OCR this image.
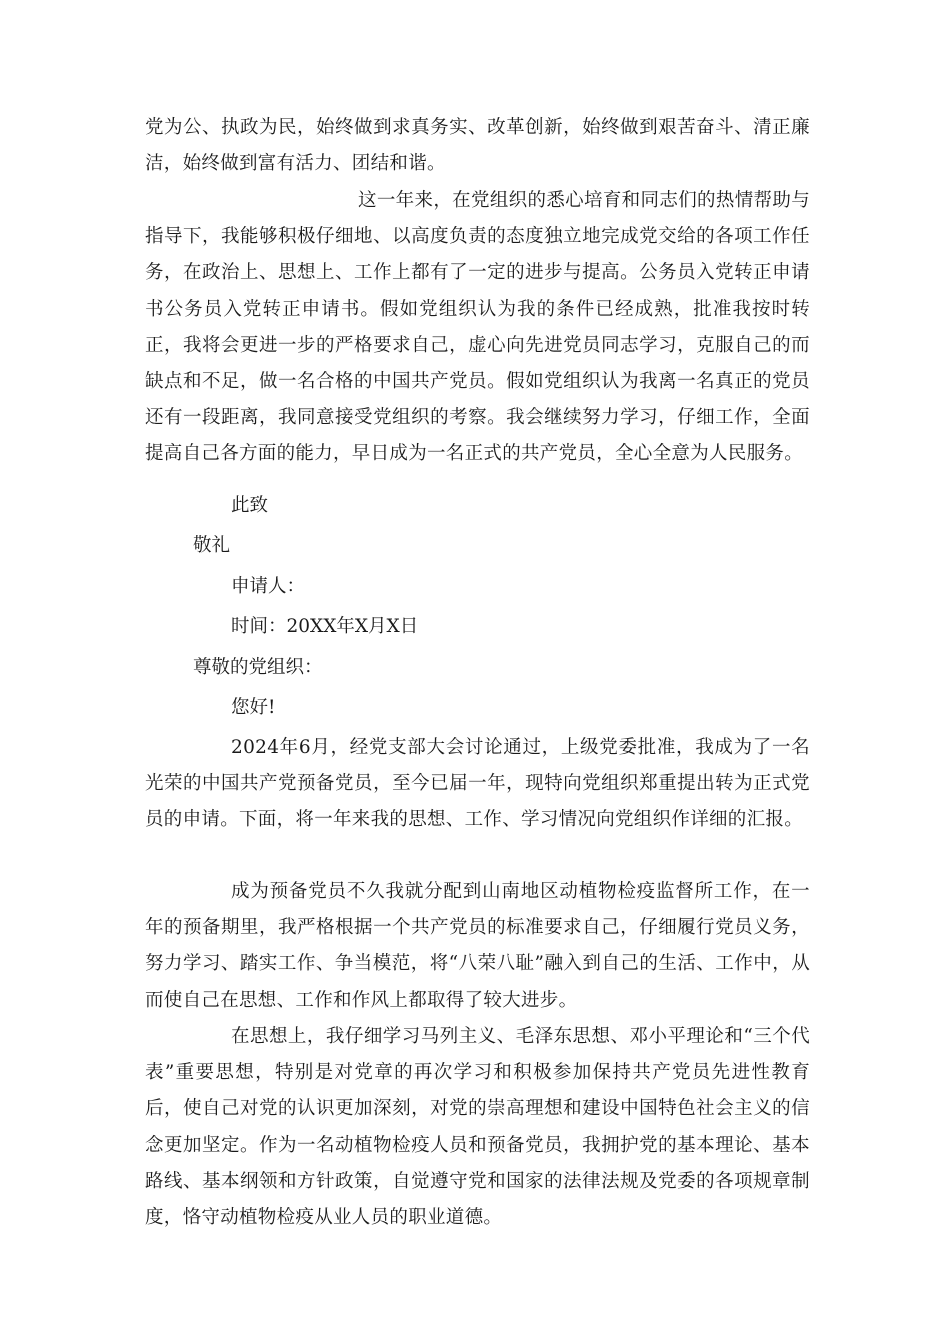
党为公、执政为民，始终做到求真务实、改革创新，始终做到艰苦奋斗、清正廉洁，始终做到富有活力、团结和谐。

这一年来，在党组织的悉心培育和同志们的热情帮助与指导下，我能够积极仔细地、以高度负责的态度独立地完成党交给的各项工作任务，在政治上、思想上、工作上都有了一定的进步与提高。公务员入党转正申请书公务员入党转正申请书。假如党组织认为我的条件已经成熟，批准我按时转正，我将会更进一步的严格要求自己，虚心向先进党员同志学习，克服自己的而缺点和不足，做一名合格的中国共产党员。假如党组织认为我离一名真正的党员还有一段距离，我同意接受党组织的考察。我会继续努力学习，仔细工作，全面提高自己各方面的能力，早日成为一名正式的共产党员，全心全意为人民服务。

此致

敬礼

申请人：

时间：20XX年X月X日

尊敬的党组织：

您好!

2024年6月，经党支部大会讨论通过，上级党委批准，我成为了一名光荣的中国共产党预备党员，至今已届一年，现特向党组织郑重提出转为正式党员的申请。下面，将一年来我的思想、工作、学习情况向党组织作详细的汇报。

成为预备党员不久我就分配到山南地区动植物检疫监督所工作，在一年的预备期里，我严格根据一个共产党员的标准要求自己，仔细履行党员义务，努力学习、踏实工作、争当模范，将“八荣八耻”融入到自己的生活、工作中，从而使自己在思想、工作和作风上都取得了较大进步。

在思想上，我仔细学习马列主义、毛泽东思想、邓小平理论和“三个代表”重要思想，特别是对党章的再次学习和积极参加保持共产党员先进性教育后，使自己对党的认识更加深刻，对党的崇高理想和建设中国特色社会主义的信念更加坚定。作为一名动植物检疫人员和预备党员，我拥护党的基本理论、基本路线、基本纲领和方针政策，自觉遵守党和国家的法律法规及党委的各项规章制度，恪守动植物检疫从业人员的职业道德。
